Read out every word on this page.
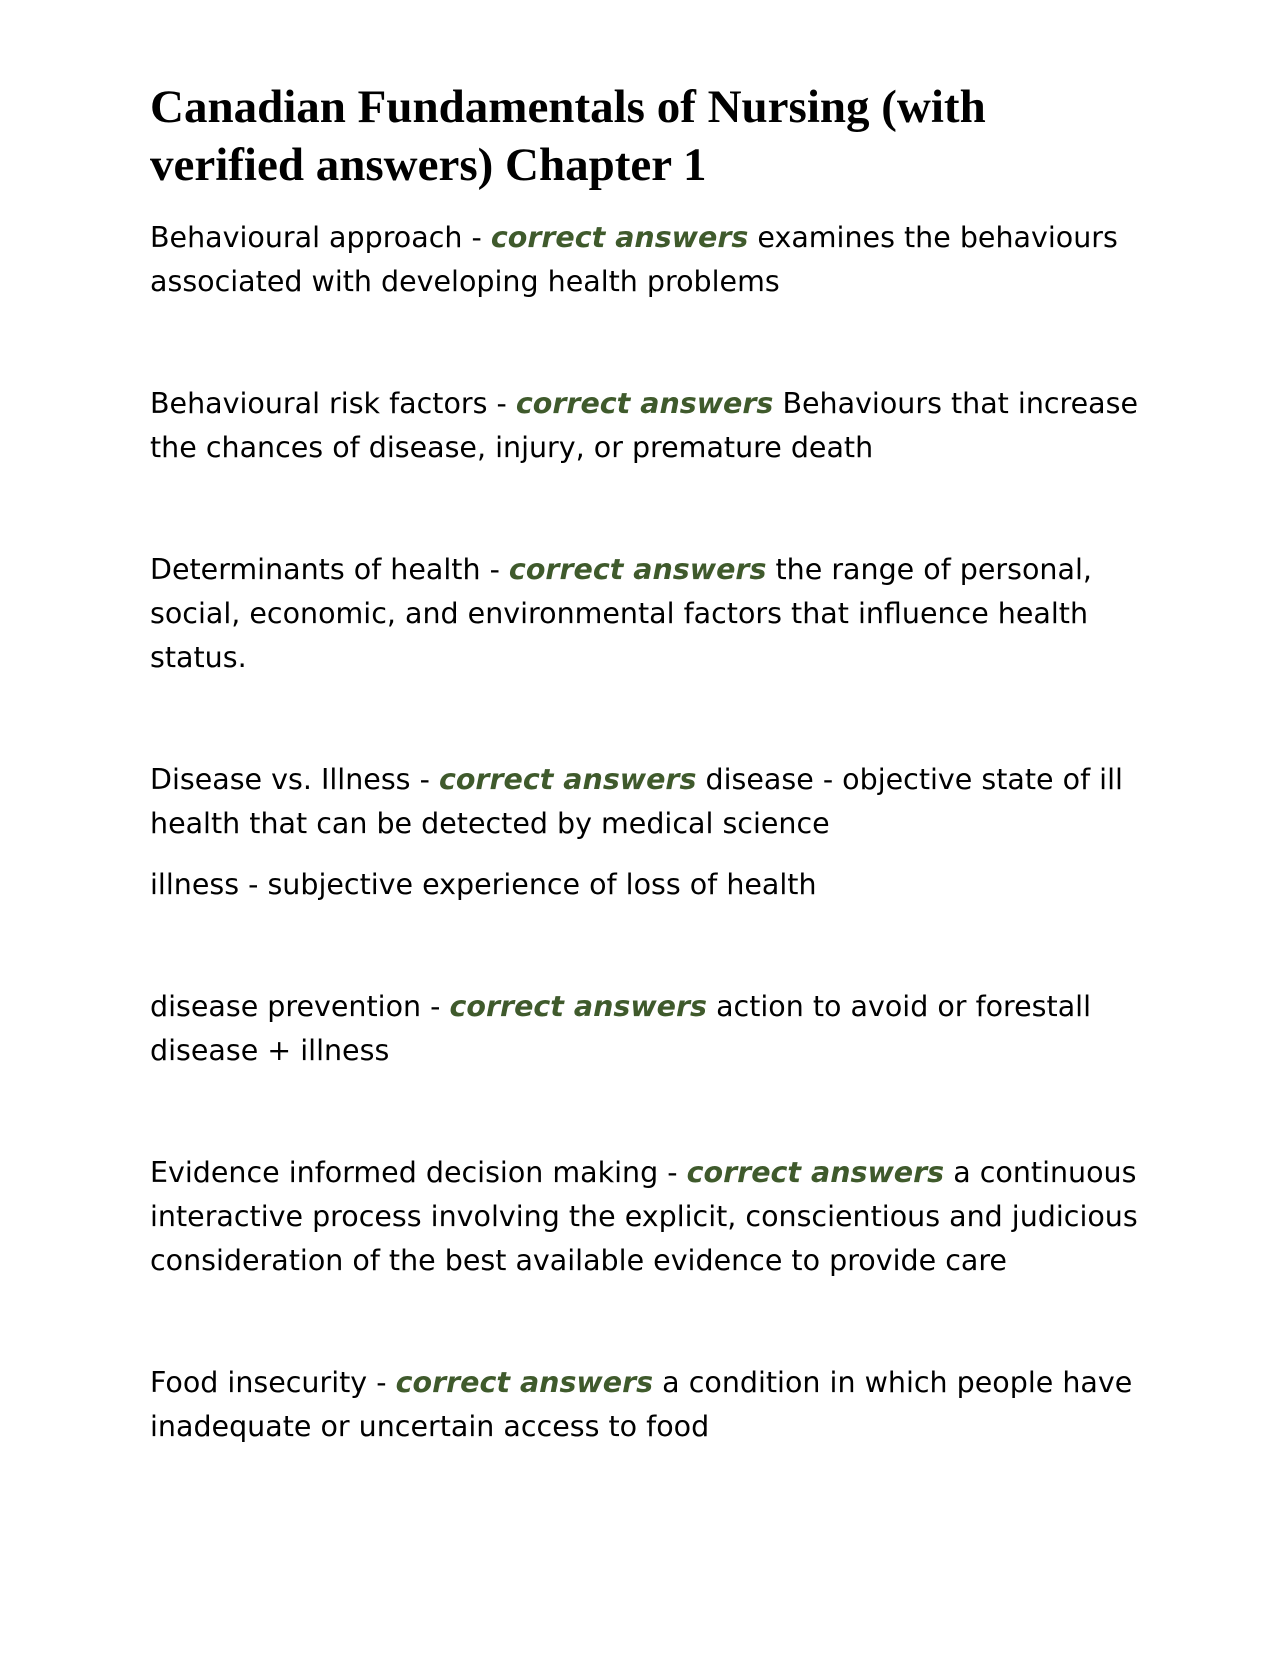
Canadian Fundamentals of Nursing (with verified answers) Chapter 1

Behavioural approach - correct answers examines the behaviours associated with developing health problems

Behavioural risk factors - correct answers Behaviours that increase the chances of disease, injury, or premature death

Determinants of health - correct answers the range of personal, social, economic, and environmental factors that influence health status.

Disease vs. Illness - correct answers disease - objective state of ill health that can be detected by medical science

illness - subjective experience of loss of health

disease prevention - correct answers action to avoid or forestall disease + illness

Evidence informed decision making - correct answers a continuous interactive process involving the explicit, conscientious and judicious consideration of the best available evidence to provide care

Food insecurity - correct answers a condition in which people have inadequate or uncertain access to food
